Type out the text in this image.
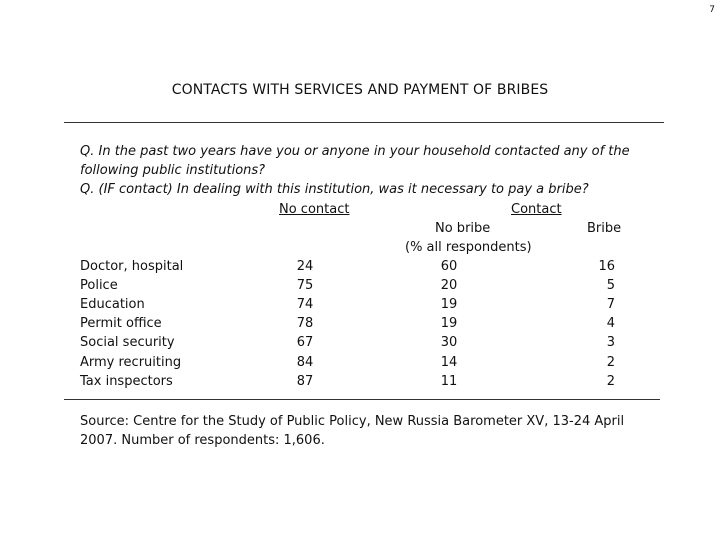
7
CONTACTS WITH SERVICES AND PAYMENT OF BRIBES
Q. In the past two years have you or anyone in your household contacted any of the
following public institutions?
Q. (IF contact) In dealing with this institution, was it necessary to pay a bribe?
No contact	Contact
No bribe	Bribe
(% all respondents)
Doctor, hospital	24	60	16
Police	75	20	5
Education	74	19	7
Permit office	78	19	4
Social security	67	30	3
Army recruiting	84	14	2
Tax inspectors	87	11	2
Source: Centre for the Study of Public Policy, New Russia Barometer XV, 13-24 April
2007. Number of respondents: 1,606.
